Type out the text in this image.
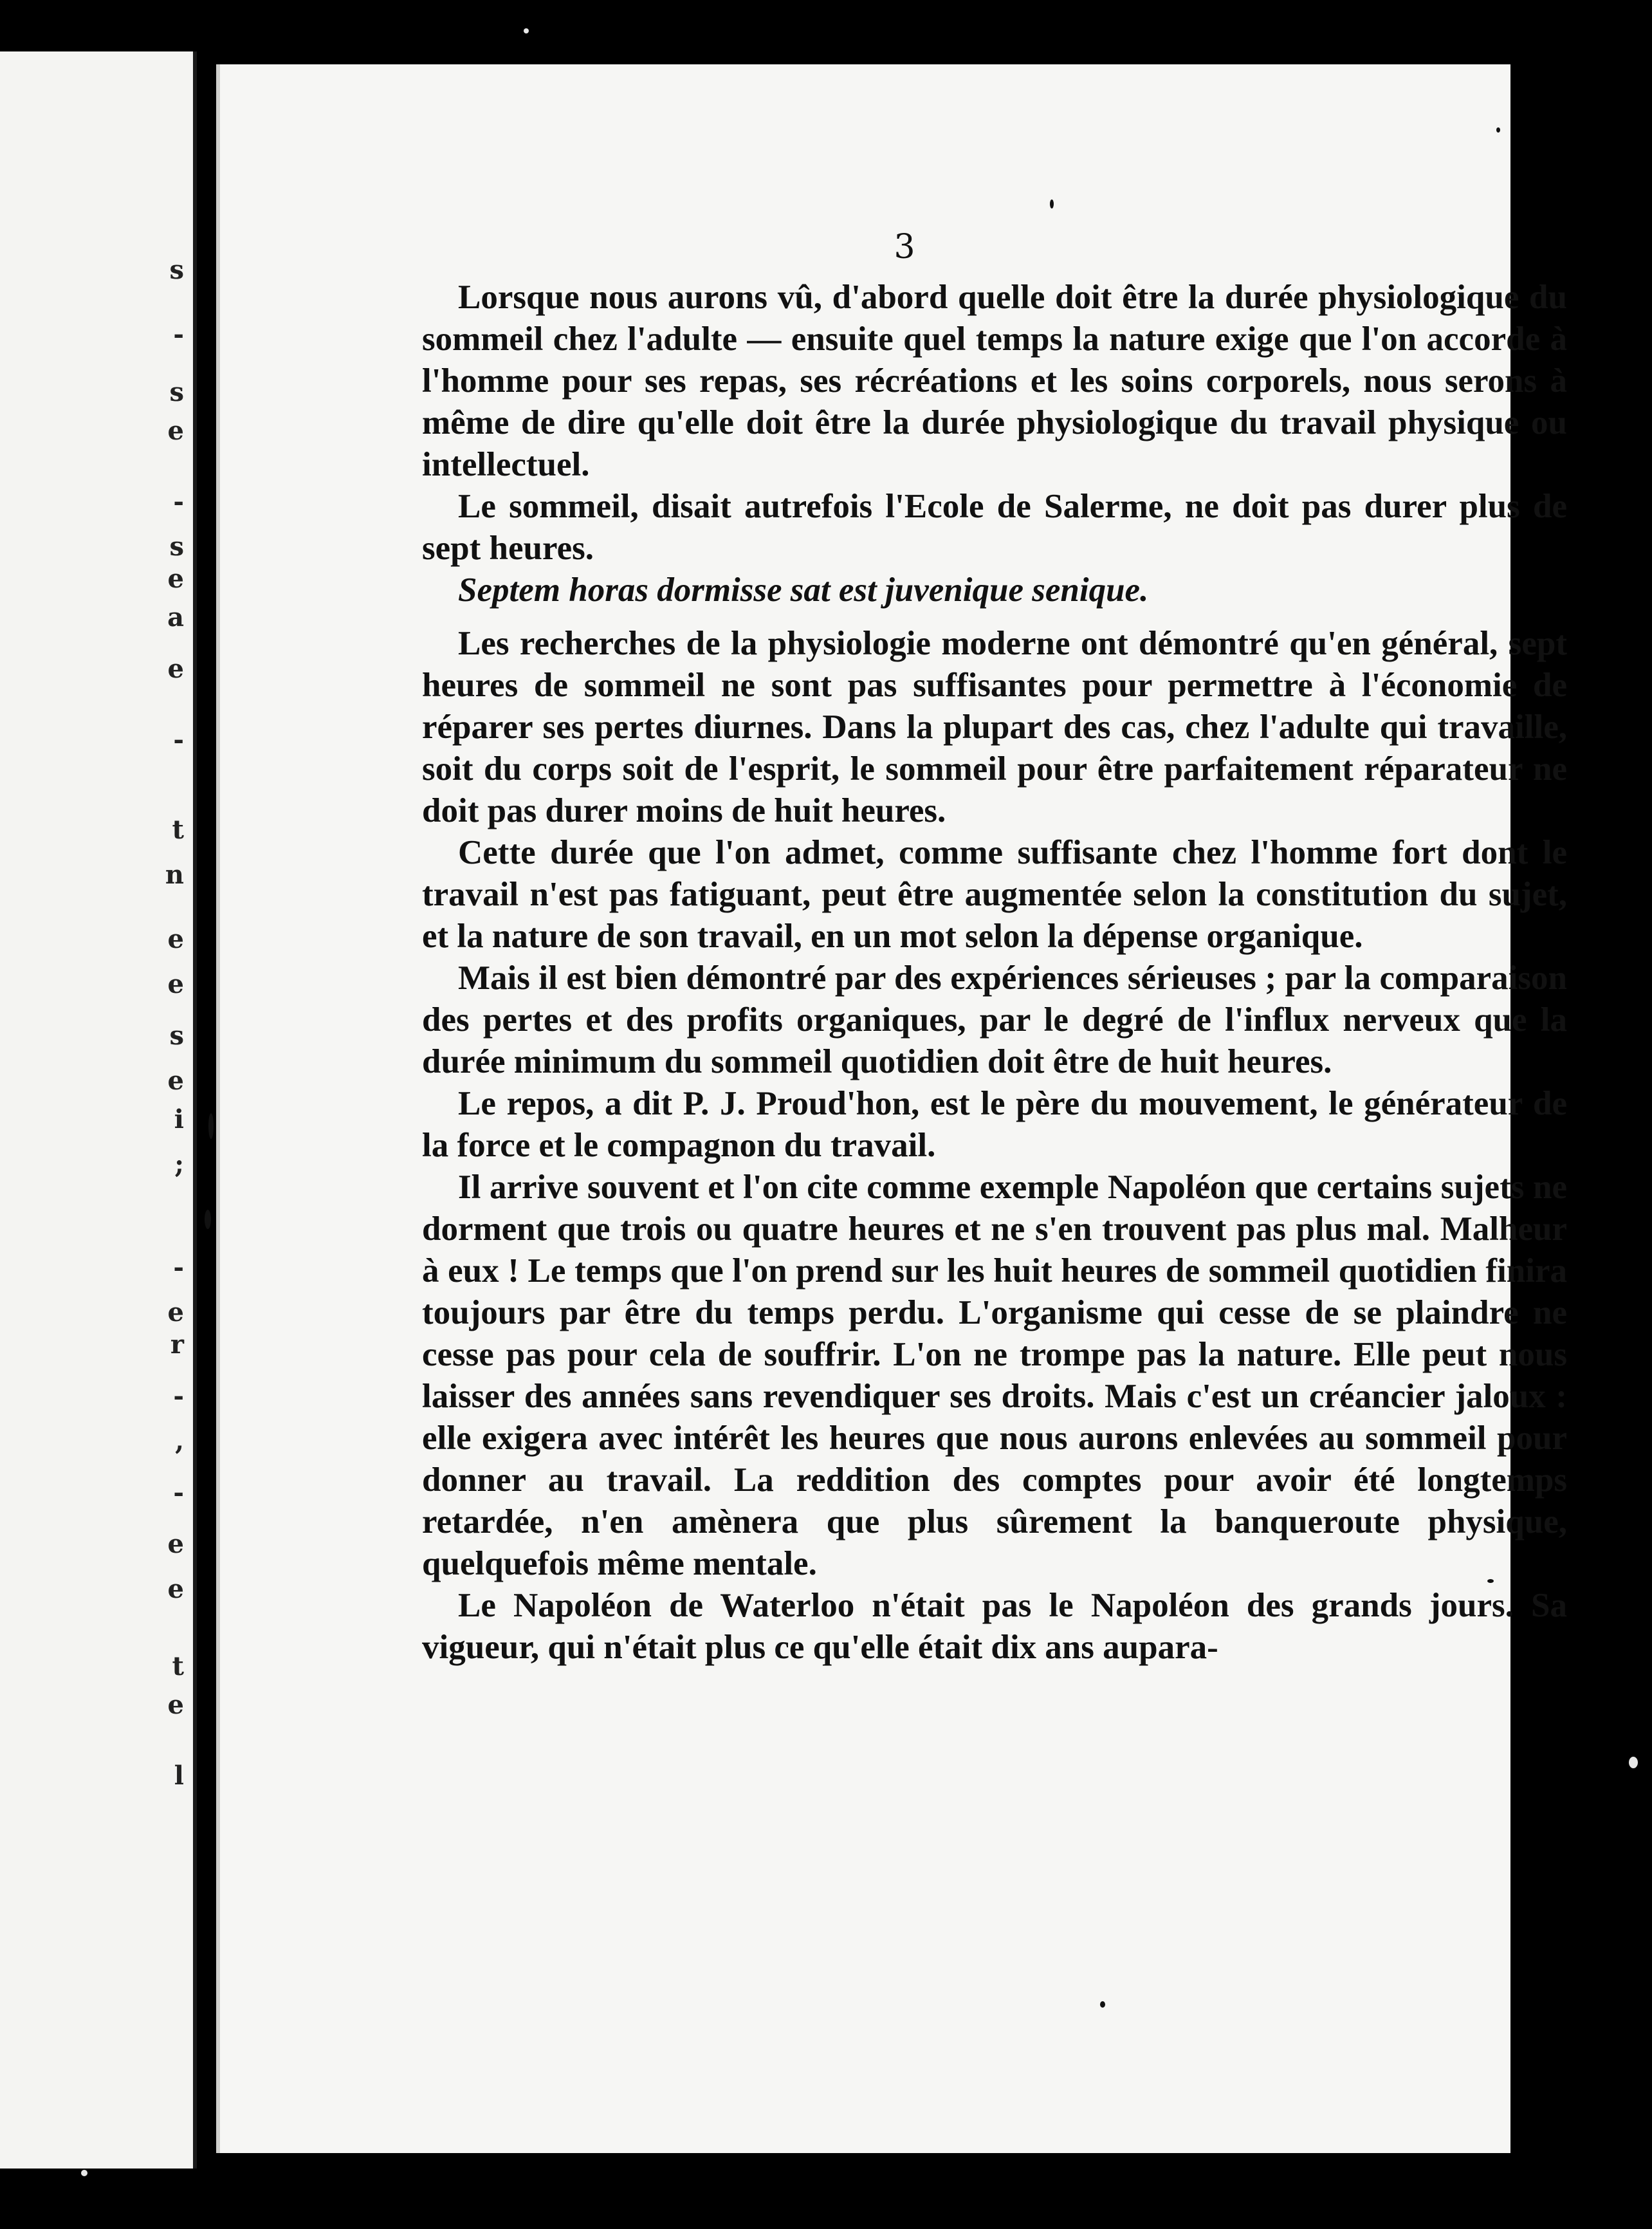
s
-
s
e
-
s
e
a
e
-
t
n
e
e
s
e
i
;
-
e
r
-
,
-
e
e
t
e
l
3

Lorsque nous aurons vû, d'abord quelle doit être la durée physiologique du sommeil chez l'adulte — ensuite quel temps la nature exige que l'on accorde à l'homme pour ses repas, ses récréations et les soins corporels, nous serons à même de dire qu'elle doit être la durée physiologique du travail physique ou intellectuel.

Le sommeil, disait autrefois l'Ecole de Salerme, ne doit pas durer plus de sept heures.

Septem horas dormisse sat est juvenique senique.

Les recherches de la physiologie moderne ont démontré qu'en général, sept heures de sommeil ne sont pas suffisantes pour permettre à l'économie de réparer ses pertes diurnes. Dans la plupart des cas, chez l'adulte qui travaille, soit du corps soit de l'esprit, le sommeil pour être parfaitement réparateur ne doit pas durer moins de huit heures.

Cette durée que l'on admet, comme suffisante chez l'homme fort dont le travail n'est pas fatiguant, peut être augmentée selon la constitution du sujet, et la nature de son travail, en un mot selon la dépense organique.

Mais il est bien démontré par des expériences sérieuses ; par la comparaison des pertes et des profits organiques, par le degré de l'influx nerveux que la durée minimum du sommeil quotidien doit être de huit heures.

Le repos, a dit P. J. Proud'hon, est le père du mouvement, le générateur de la force et le compagnon du travail.

Il arrive souvent et l'on cite comme exemple Napoléon que certains sujets ne dorment que trois ou quatre heures et ne s'en trouvent pas plus mal. Malheur à eux ! Le temps que l'on prend sur les huit heures de sommeil quotidien finira toujours par être du temps perdu. L'organisme qui cesse de se plaindre ne cesse pas pour cela de souffrir. L'on ne trompe pas la nature. Elle peut nous laisser des années sans revendiquer ses droits. Mais c'est un créancier jaloux : elle exigera avec intérêt les heures que nous aurons enlevées au sommeil pour donner au travail. La reddition des comptes pour avoir été longtemps retardée, n'en amènera que plus sûrement la banqueroute physique, quelquefois même mentale.

Le Napoléon de Waterloo n'était pas le Napoléon des grands jours. Sa vigueur, qui n'était plus ce qu'elle était dix ans aupara-
